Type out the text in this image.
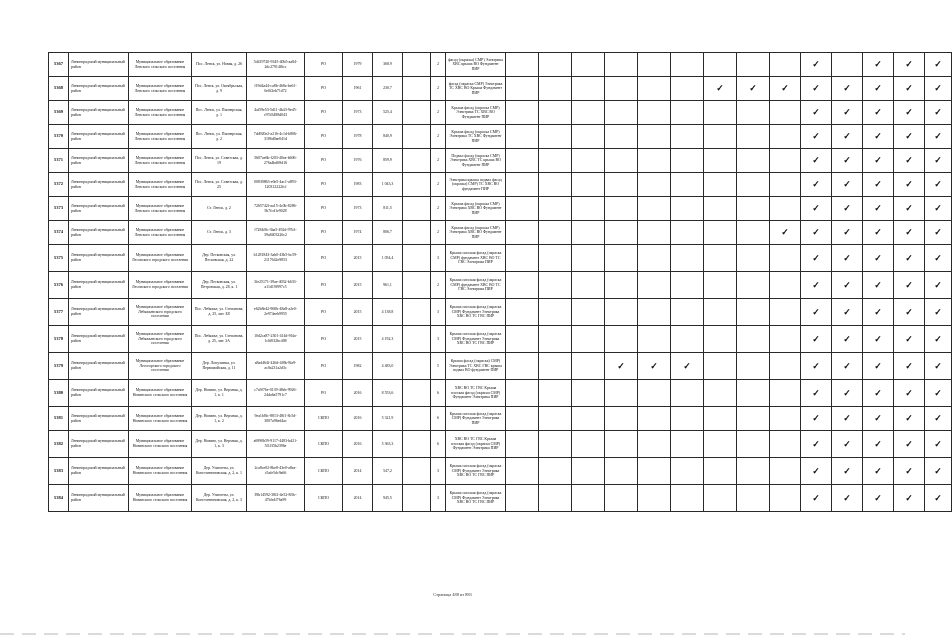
5367	Ленинградский муниципальный район	Муниципальное образование Ленского сельского поселения	Пос. Ленск, ул. Новая, д. 26	5d419720-9345-40b5-aa84-2dc27914f6cc	РО	1979	368,9		2	фасад (окраска) СМР) Электрика ХВС крыша ВО Фундамент ПИР										✓		✓	✓	✓
5368	Ленинградский муниципальный район	Муниципальное образование Ленского сельского поселения	Пос. Ленск, ул. Октябрьская, д. 9	f19d4a44-ca8b-468a-be61-6e0f2eb71d72	РО	1961	230,7		2	фасад (окраска СМР) Электрика ТС ХВС ВО Крыша Фундамент ПИР							✓	✓	✓	✓	✓	✓	✓	✓
5369	Ленинградский муниципальный район	Муниципальное образование Ленского сельского поселения	Пос. Ленск, ул. Пионерская, д. 1	4af59e53-5d11-4b43-9ed5-c97d3488d043	РО	1973	525,4		2	Крыша фасад (окраска СМР) Электрика ТС ХВС ВО Фундамент ПИР										✓	✓	✓	✓	✓
5370	Ленинградский муниципальный район	Муниципальное образование Ленского сельского поселения	Пос. Ленск, ул. Пионерская, д. 2	7dd920e2-a216-4c1d-b806-3186d0ae041d	РО	1978	840,9		2	Крыша фасад (окраска СМР) Электрика ТС ХВС Фундамент ПИР										✓	✓	✓	✓	✓
5371	Ленинградский муниципальный район	Муниципальное образование Ленского сельского поселения	Пос. Ленск, ул. Советская, д. 19	5607ae6b-f203-40ea-b606-276a4bd69d16	РО	1976	859,9		2	Подвал фасад (окраска СМР) Электрика ХВС ТС крыша ВО Фундамент ПИР										✓	✓	✓	✓	✓
5372	Ленинградский муниципальный район	Муниципальное образование Ленского сельского поселения	Пос. Ленск, ул. Советская, д. 25	00839863-e0e5-4ac1-a893-120312222fcf	РО	1983	1 043,3		2	Электрика крыша подвал фасад (окраска) СМР) ТС ХВС ВО фундамент ПИР										✓	✓	✓	✓	✓
5373	Ленинградский муниципальный район	Муниципальное образование Ленского сельского поселения	Ст. Ленск, д. 2	7265742f-aa15-4c0b-8286-5b7fcd1e9028	РО	1973	811,5		2	Крыша фасад (окраска СМР) Электрика ХВС ВО Фундамент ПИР										✓	✓	✓	✓	✓
5374	Ленинградский муниципальный район	Муниципальное образование Ленского сельского поселения	Ст. Ленск, д. 3	f7284f8c-3ba5-492d-97b3-39a8403226c2	РО	1974	806,7		2	Крыша фасад (окраска СМР) Электрика ХВС ВО Фундамент ПИР									✓	✓	✓	✓	✓	✓
5375	Ленинградский муниципальный район	Муниципальное образование Лесовского городского поселения	Дер. Песковская, ул. Песковская, д. 22	b1281843-3ab0-43b5-bc59-2117642e9853	РО	2015	1 054,4		3	Крыша плоская фасад (окраска СМР) фундамент ХВС ВО ТС ГВС Электрика ПИР										✓	✓	✓	✓	✓
5376	Ленинградский муниципальный район	Муниципальное образование Лесовского городского поселения	Дер. Песковская, ул. Петровская, д. 28, к. 1	3fe25171-39ae-4032-b633-a11d19f997c5	РО	2015	961,1		2	Крыша плоская фасад (окраска СМР) фундамент ХВС ВО ТС ГВС Электрика ПИР										✓	✓	✓	✓	✓
5377	Ленинградский муниципальный район	Муниципальное образование Лебяжьевского городского поселения	Пос. Лебяжье, ул. Степанова, д. 25, лит. Б8	e62b8e42-960b-48a8-a2e0-2e974eeb9955	РО	2015	4 138,8		3	Крыша плоская фасад (окраска СМР) Фундамент Электрика ХВС ВО ТС ГВС ПИР										✓	✓	✓	✓	✓
5378	Ленинградский муниципальный район	Муниципальное образование Лебяжьевского городского поселения	Пос. Лебяжье, ул. Степанова, д. 25, лит. 3А	10d2ca87-2301-414d-9f4a-1c6f032bc408	РО	2015	4 192,3		3	Крыша плоская фасад (окраска СМР) Фундамент Электрика ХВС ВО ТС ГВС ПИР										✓	✓	✓	✓	✓
5379	Ленинградский муниципальный район	Муниципальное образование Лесогорского городского поселения	Дер. Лопухинка, ул. Первомайская, д. 11	a8ad464f-426d-4f8b-9fa9-ac0a231a2d3c	РО	1982	4 483,0		5	Крыша фасад (окраска) СМР) Электрика ТС ХВС ГВС крыша подвал ВО фундамент ПИР				✓	✓	✓				✓	✓	✓	✓	✓
5380	Ленинградский муниципальный район	Муниципальное образование Низинского сельского поселения	Дер. Низино, ул. Верхняя, д. 1, к. 1	c7a9f76e-0139-48eb-9926-24da6a5791c7	РО	2016	8 553,6		6	ХВС ВО ТС ГВС Крыша плоская фасад (окраска СМР) Фундамент Электрика ПИР										✓	✓	✓	✓	✓
5381	Ленинградский муниципальный район	Муниципальное образование Низинского сельского поселения	Дер. Низино, ул. Верхняя, д. 1, к. 2	9ea1b8fc-8813-48f1-8c5d-3007a96ed4ac	СКПО	2016	5 321,9		6	Крыша плоская фасад (окраска СМР) Фундамент Электрика ПИР										✓	✓	✓	✓	✓
5382	Ленинградский муниципальный район	Муниципальное образование Низинского сельского поселения	Дер. Низино, ул. Верхняя, д. 1, к. 3	a6990b59-9117-4483-bd21-5f1f35b2396e	СКПО	2016	5 363,3		6	ХВС ВО ТС ГВС Крыша плоская фасад (окраска СМР) Фундамент Электрика ПИР										✓	✓	✓	✓	✓
5383	Ленинградский муниципальный район	Муниципальное образование Низинского сельского поселения	Дер. Узигонты, ул. Константиновская, д. 2, к. 1	2ca8ce02-8be8-43e0-a8ea-c5afe5dc9a66	СКПО	2014	547,2		3	Крыша плоская фасад (окраска СМР) Фундамент Электрика ХВС ВО ТС ГВС ПИР										✓	✓	✓	✓	✓
5384	Ленинградский муниципальный район	Муниципальное образование Низинского сельского поселения	Дер. Узигонты, ул. Константиновская, д. 2, к. 3	39b14592-38f2-4e52-8f0c-47bfe4f76a99	СКПО	2014	945,5		3	Крыша плоская фасад (окраска СМР) Фундамент Электрика ХВС ВО ТС ГВС ПИР										✓	✓	✓	✓	✓
Страница 488 из 883
